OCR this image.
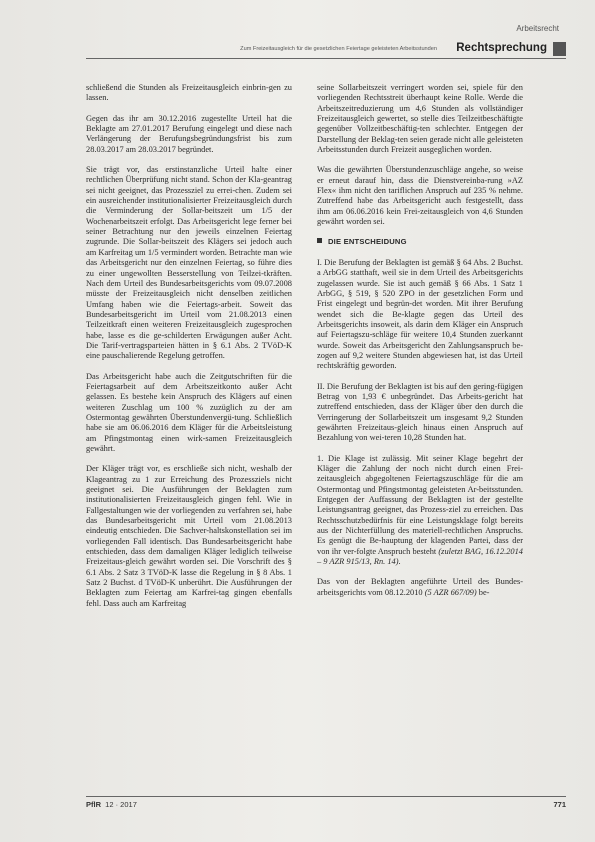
Arbeitsrecht
Zum Freizeitausgleich für die gesetzlichen Feiertage geleisteten Arbeitsstunden Rechtsprechung

schließend die Stunden als Freizeitausgleich einbrin-gen zu lassen.

Gegen das ihr am 30.12.2016 zugestellte Urteil hat die Beklagte am 27.01.2017 Berufung eingelegt und diese nach Verlängerung der Berufungsbegründungsfrist bis zum 28.03.2017 am 28.03.2017 begründet.

Sie trägt vor, das erstinstanzliche Urteil halte einer rechtlichen Überprüfung nicht stand. Schon der Kla-geantrag sei nicht geeignet, das Prozessziel zu errei-chen. Zudem sei ein ausreichender institutionalisierter Freizeitausgleich durch die Verminderung der Sollar-beitszeit um 1/5 der Wochenarbeitszeit erfolgt. Das Arbeitsgericht lege ferner bei seiner Betrachtung nur den jeweils einzelnen Feiertag zugrunde. Die Sollar-beitszeit des Klägers sei jedoch auch am Karfreitag um 1/5 vermindert worden. Betrachte man wie das Arbeitsgericht nur den einzelnen Feiertag, so führe dies zu einer ungewollten Besserstellung von Teilzei-tkräften. Nach dem Urteil des Bundesarbeitsgerichts vom 09.07.2008 müsste der Freizeitausgleich nicht denselben zeitlichen Umfang haben wie die Feiertags-arbeit. Soweit das Bundesarbeitsgericht im Urteil vom 21.08.2013 einen Teilzeitkraft einen weiteren Freizeitausgleich zugesprochen habe, lasse es die ge-schilderten Erwägungen außer Acht. Die Tarif-vertragsparteien hätten in § 6.1 Abs. 2 TVöD-K eine pauschalierende Regelung getroffen.

Das Arbeitsgericht habe auch die Zeitgutschriften für die Feiertagsarbeit auf dem Arbeitszeitkonto außer Acht gelassen. Es bestehe kein Anspruch des Klägers auf einen weiteren Zuschlag um 100 % zuzüglich zu der am Ostermontag gewährten Überstundenvergü-tung. Schließlich habe sie am 06.06.2016 dem Kläger für die Arbeitsleistung am Pfingstmontag einen wirk-samen Freizeitausgleich gewährt.

Der Kläger trägt vor, es erschließe sich nicht, weshalb der Klageantrag zu 1 zur Erreichung des Prozessziels nicht geeignet sei. Die Ausführungen der Beklagten zum institutionalisierten Freizeitausgleich gingen fehl. Wie in Fallgestaltungen wie der vorliegenden zu verfahren sei, habe das Bundesarbeitsgericht mit Urteil vom 21.08.2013 eindeutig entschieden. Die Sachver-haltskonstellation sei im vorliegenden Fall identisch. Das Bundesarbeitsgericht habe entschieden, dass dem damaligen Kläger lediglich teilweise Freizeitaus-gleich gewährt worden sei. Die Vorschrift des § 6.1 Abs. 2 Satz 3 TVöD-K lasse die Regelung in § 8 Abs. 1 Satz 2 Buchst. d TVöD-K unberührt. Die Ausführungen der Beklagten zum Feiertag am Karfrei-tag gingen ebenfalls fehl. Dass auch am Karfreitag

seine Sollarbeitszeit verringert worden sei, spiele für den vorliegenden Rechtsstreit überhaupt keine Rolle. Werde die Arbeitszeitreduzierung um 4,6 Stunden als vollständiger Freizeitausgleich gewertet, so stelle dies Teilzeitbeschäftigte gegenüber Vollzeitbeschäftig-ten schlechter. Entgegen der Darstellung der Beklag-ten seien gerade nicht alle geleisteten Arbeitsstunden durch Freizeit ausgeglichen worden.

Was die gewährten Überstundenzuschläge angehe, so weise er erneut darauf hin, dass die Dienstvereinba-rung »AZ Flex« ihm nicht den tariflichen Anspruch auf 235 % nehme. Zutreffend habe das Arbeitsgericht auch festgestellt, dass ihm am 06.06.2016 kein Frei-zeitausgleich von 4,6 Stunden gewährt worden sei.

DIE ENTSCHEIDUNG

I. Die Berufung der Beklagten ist gemäß § 64 Abs. 2 Buchst. a ArbGG statthaft, weil sie in dem Urteil des Arbeitsgerichts zugelassen wurde. Sie ist auch gemäß § 66 Abs. 1 Satz 1 ArbGG, § 519, § 520 ZPO in der gesetzlichen Form und Frist eingelegt und begrün-det worden. Mit ihrer Berufung wendet sich die Be-klagte gegen das Urteil des Arbeitsgerichts insoweit, als darin dem Kläger ein Anspruch auf Feiertagszu-schläge für weitere 10,4 Stunden zuerkannt wurde. Soweit das Arbeitsgericht den Zahlungsanspruch be-zogen auf 9,2 weitere Stunden abgewiesen hat, ist das Urteil rechtskräftig geworden.

II. Die Berufung der Beklagten ist bis auf den gering-fügigen Betrag von 1,93 € unbegründet. Das Arbeits-gericht hat zutreffend entschieden, dass der Kläger über den durch die Verringerung der Sollarbeitszeit um insgesamt 9,2 Stunden gewährten Freizeitaus-gleich hinaus einen Anspruch auf Bezahlung von wei-teren 10,28 Stunden hat.

1. Die Klage ist zulässig. Mit seiner Klage begehrt der Kläger die Zahlung der noch nicht durch einen Frei-zeitausgleich abgegoltenen Feiertagszuschläge für die am Ostermontag und Pfingstmontag geleisteten Ar-beitsstunden. Entgegen der Auffassung der Beklagten ist der gestellte Leistungsantrag geeignet, das Prozess-ziel zu erreichen. Das Rechtsschutzbedürfnis für eine Leistungsklage folgt bereits aus der Nichterfüllung des materiell-rechtlichen Anspruchs. Es genügt die Be-hauptung der klagenden Partei, dass der von ihr ver-folgte Anspruch besteht (zuletzt BAG, 16.12.2014 – 9 AZR 915/13, Rn. 14).

Das von der Beklagten angeführte Urteil des Bundes-arbeitsgerichts vom 08.12.2010 (5 AZR 667/09) be-

PflR 12 · 2017	771
